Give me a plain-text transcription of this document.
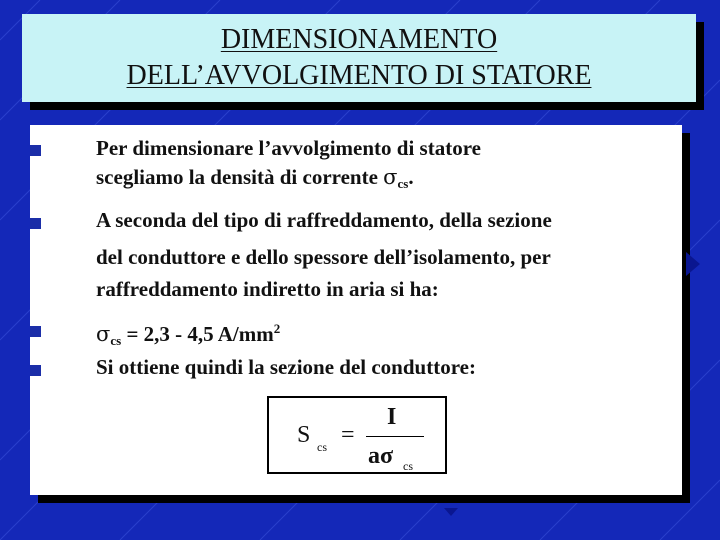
DIMENSIONAMENTO
DELL’AVVOLGIMENTO DI STATORE
Per dimensionare l’avvolgimento di statore
scegliamo la densità di corrente $\sigma_{cs}$.
A seconda del tipo di raffreddamento, della sezione
del conduttore e dello spessore dell’isolamento, per
raffreddamento indiretto in aria si ha:
$\sigma_{cs} = 2,3 - 4,5$ $A/mm^2$
Si ottiene quindi la sezione del conduttore:
S cs =
I
aσ cs
